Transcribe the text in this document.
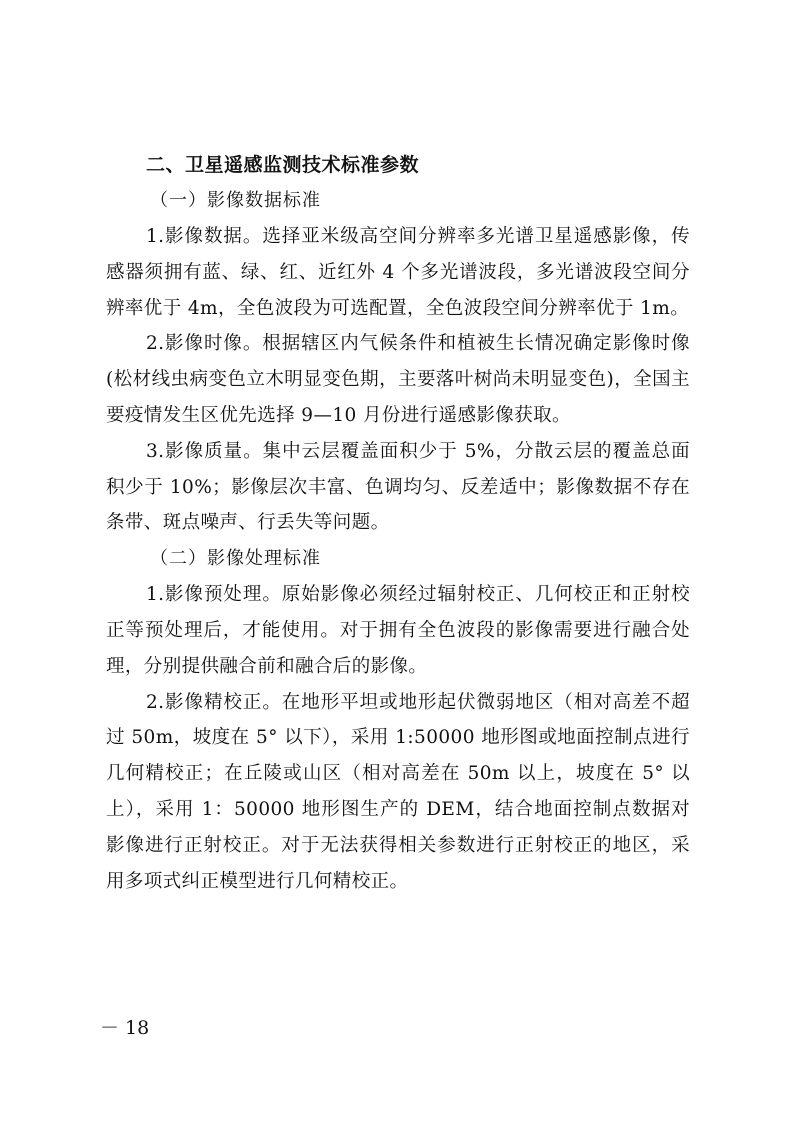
二、卫星遥感监测技术标准参数
（一）影像数据标准

1.影像数据。选择亚米级高空间分辨率多光谱卫星遥感影像，传感器须拥有蓝、绿、红、近红外 4 个多光谱波段，多光谱波段空间分辨率优于 4m，全色波段为可选配置，全色波段空间分辨率优于 1m。

2.影像时像。根据辖区内气候条件和植被生长情况确定影像时像(松材线虫病变色立木明显变色期，主要落叶树尚未明显变色)，全国主要疫情发生区优先选择 9—10 月份进行遥感影像获取。

3.影像质量。集中云层覆盖面积少于 5%，分散云层的覆盖总面积少于 10%；影像层次丰富、色调均匀、反差适中；影像数据不存在条带、斑点噪声、行丢失等问题。

（二）影像处理标准

1.影像预处理。原始影像必须经过辐射校正、几何校正和正射校正等预处理后，才能使用。对于拥有全色波段的影像需要进行融合处理，分别提供融合前和融合后的影像。

2.影像精校正。在地形平坦或地形起伏微弱地区（相对高差不超过 50m，坡度在 5° 以下），采用 1:50000 地形图或地面控制点进行几何精校正；在丘陵或山区（相对高差在 50m 以上，坡度在 5° 以上），采用 1：50000 地形图生产的 DEM，结合地面控制点数据对影像进行正射校正。对于无法获得相关参数进行正射校正的地区，采用多项式纠正模型进行几何精校正。

－ 18
